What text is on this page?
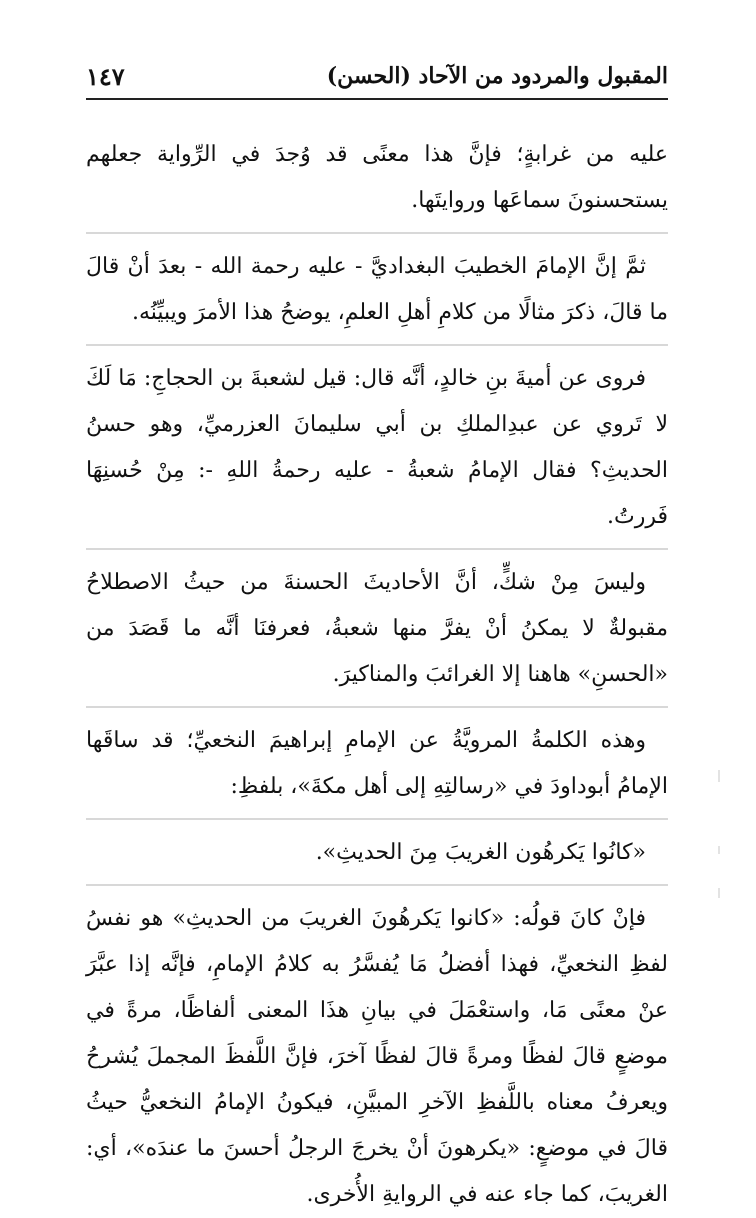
المقبول والمردود من الآحاد (الحسن)
١٤٧

عليه من غرابةٍ؛ فإنَّ هذا معنًى قد وُجدَ في الرِّواية جعلهم يستحسنونَ سماعَها وروايتَها.

ثمَّ إنَّ الإمامَ الخطيبَ البغداديَّ - عليه رحمة الله - بعدَ أنْ قالَ ما قالَ، ذكرَ مثالًا من كلامِ أهلِ العلمِ، يوضحُ هذا الأمرَ ويبيِّنُه.

فروى عن أميةَ بنِ خالدٍ، أنَّه قال: قيل لشعبةَ بن الحجاجِ: مَا لَكَ لا تَروي عن عبدِالملكِ بن أبي سليمانَ العزرميِّ، وهو حسنُ الحديثِ؟ فقال الإمامُ شعبةُ - عليه رحمةُ اللهِ -: مِنْ حُسنِهَا فَررتُ.

وليسَ مِنْ شكٍّ، أنَّ الأحاديثَ الحسنةَ من حيثُ الاصطلاحُ مقبولةٌ لا يمكنُ أنْ يفرَّ منها شعبةُ، فعرفنَا أنَّه ما قَصَدَ من «الحسنِ» هاهنا إلا الغرائبَ والمناكيرَ.

وهذه الكلمةُ المرويَّةُ عن الإمامِ إبراهيمَ النخعيِّ؛ قد ساقَها الإمامُ أبوداودَ في «رسالتِهِ إلى أهل مكةَ»، بلفظِ:

«كانُوا يَكرهُون الغريبَ مِنَ الحديثِ».

فإنْ كانَ قولُه: «كانوا يَكرهُونَ الغريبَ من الحديثِ» هو نفسُ لفظِ النخعيِّ، فهذا أفضلُ مَا يُفسَّرُ به كلامُ الإمامِ، فإنَّه إذا عبَّرَ عنْ معنًى مَا، واستعْمَلَ في بيانِ هذَا المعنى ألفاظًا، مرةً في موضعٍ قالَ لفظًا ومرةً قالَ لفظًا آخرَ، فإنَّ اللَّفظَ المجملَ يُشرحُ ويعرفُ معناه باللَّفظِ الآخرِ المبيَّنِ، فيكونُ الإمامُ النخعيُّ حيثُ قالَ في موضعٍ: «يكرهونَ أنْ يخرجَ الرجلُ أحسنَ ما عندَه»، أي: الغريبَ، كما جاء عنه في الروايةِ الأُخرى.
